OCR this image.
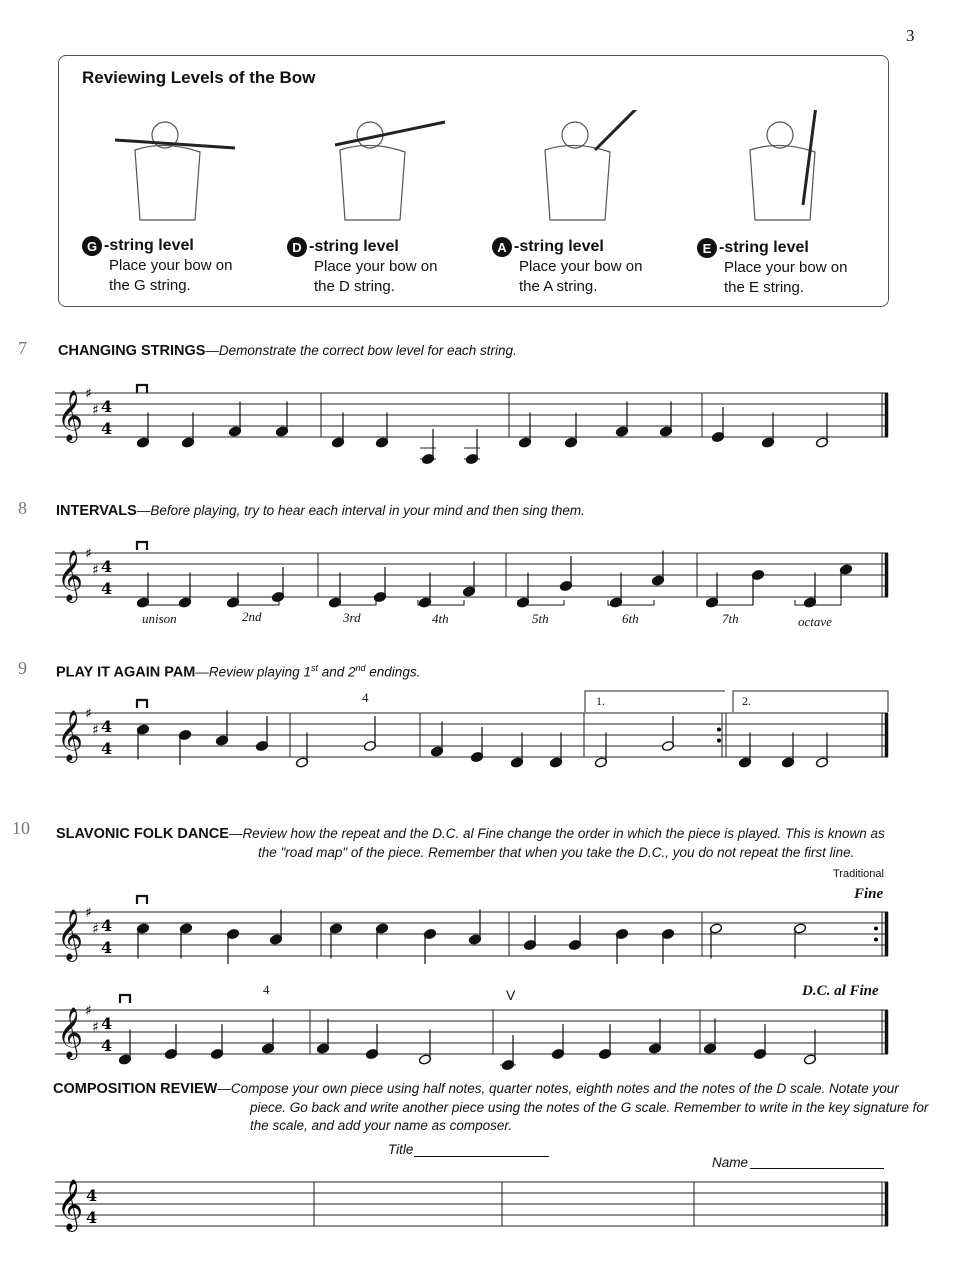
3
Reviewing Levels of the Bow
G -string level
Place your bow on
the G string.
D -string level
Place your bow on
the D string.
A -string level
Place your bow on
the A string.
E -string level
Place your bow on
the E string.
7 CHANGING STRINGS—Demonstrate the correct bow level for each string.
8 INTERVALS—Before playing, try to hear each interval in your mind and then sing them.
unison	2nd	3rd	4th	5th	6th	7th	octave
9 PLAY IT AGAIN PAM—Review playing 1st and 2nd endings.
4	1.	2.
10 SLAVONIC FOLK DANCE—Review how the repeat and the D.C. al Fine change the order in which the piece is played. This is known as
the "road map" of the piece. Remember that when you take the D.C., you do not repeat the first line.
Traditional
Fine
4	V	D.C. al Fine
COMPOSITION REVIEW—Compose your own piece using half notes, quarter notes, eighth notes and the notes of the D scale. Notate your
piece. Go back and write another piece using the notes of the G scale. Remember to write in the key signature for
the scale, and add your name as composer.
Title
Name
𝄞 ♯
♯ 4
4
𝄞 ♯
♯ 4
4
𝄞 ♯
♯ 4
4
𝄞 ♯
♯ 4
4
𝄞 ♯
♯ 4
4
𝄞 4
4
